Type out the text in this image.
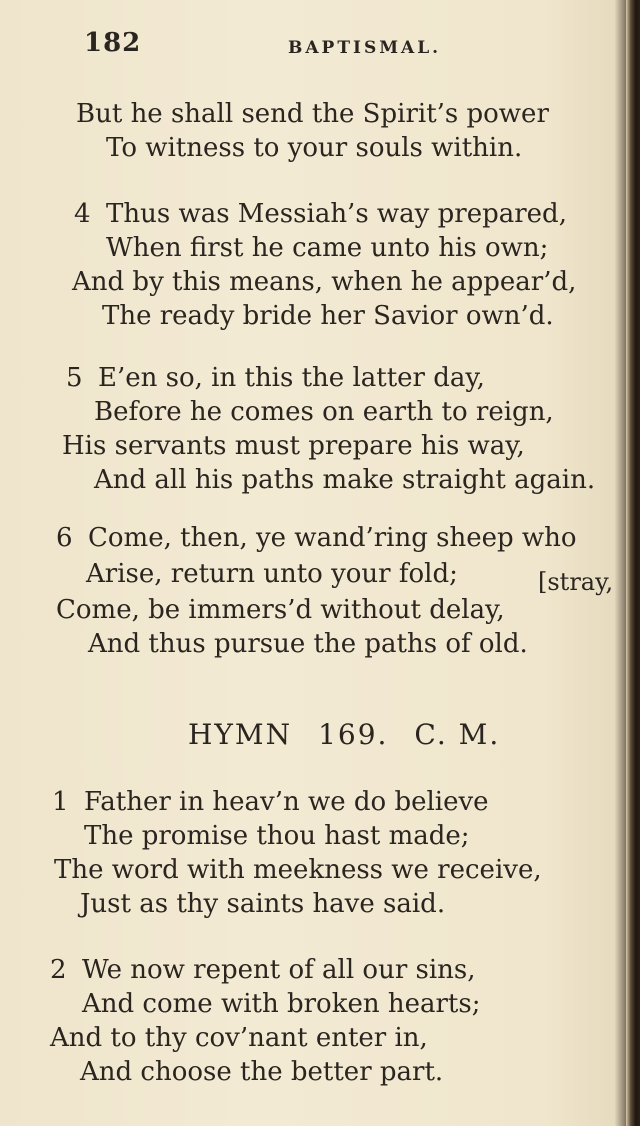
182	BAPTISMAL.
But he shall send the Spirit’s power
To witness to your souls within.
4 Thus was Messiah’s way prepared,
When first he came unto his own;
And by this means, when he appear’d,
The ready bride her Savior own’d.
5 E’en so, in this the latter day,
Before he comes on earth to reign,
His servants must prepare his way,
And all his paths make straight again.
6 Come, then, ye wand’ring sheep who
Arise, return unto your fold;	[stray,
Come, be immers’d without delay,
And thus pursue the paths of old.
HYMN 169. C. M.
1 Father in heav’n we do believe
The promise thou hast made;
The word with meekness we receive,
Just as thy saints have said.
2 We now repent of all our sins,
And come with broken hearts;
And to thy cov’nant enter in,
And choose the better part.
